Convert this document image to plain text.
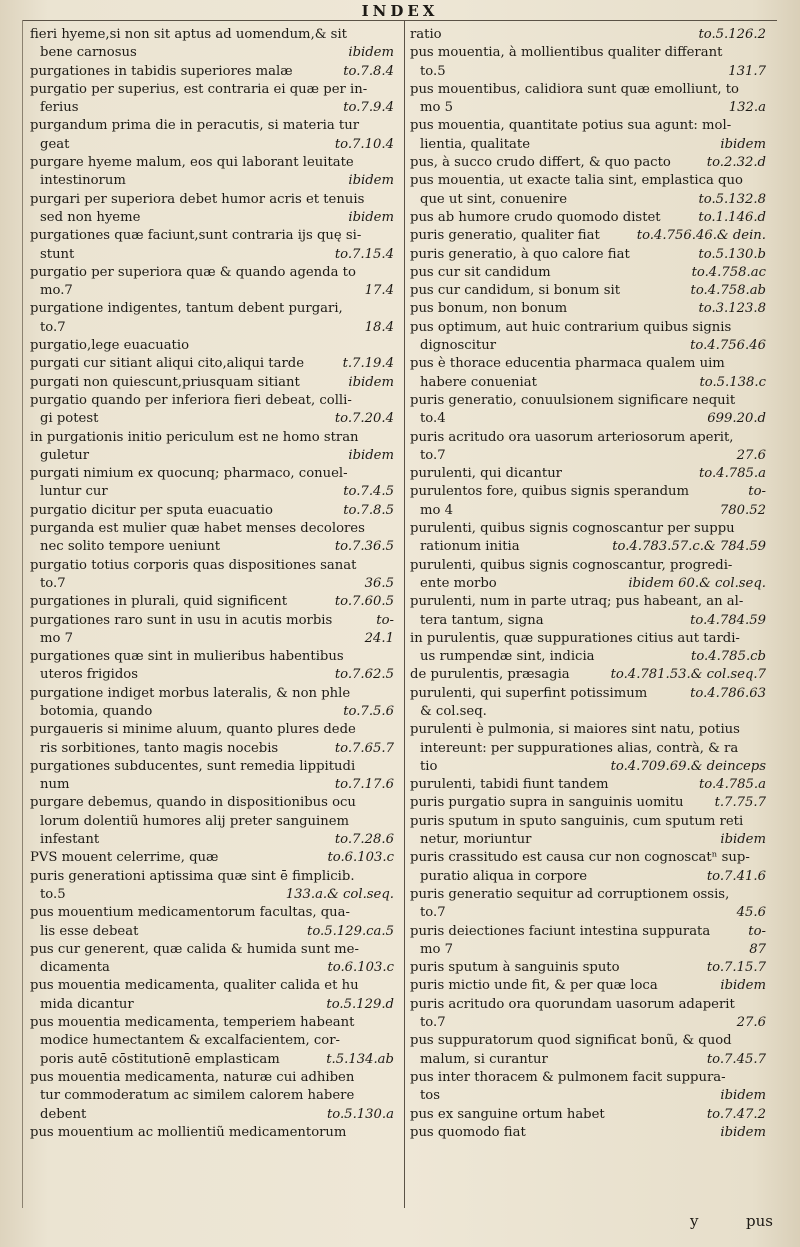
INDEX
fieri hyeme,si non sit aptus ad uomendum,& sit
bene carnosus	ibidem
purgationes in tabidis superiores malæ	to.7.8.4
purgatio per superius, est contraria ei quæ per in-
ferius	to.7.9.4
purgandum prima die in peracutis, si materia tur
geat	to.7.10.4
purgare hyeme malum, eos qui laborant leuitate
intestinorum	ibidem
purgari per superiora debet humor acris et tenuis
sed non hyeme	ibidem
purgationes quæ faciunt,sunt contraria ijs quę si-
stunt	to.7.15.4
purgatio per superiora quæ & quando agenda to
mo.7	17.4
purgatione indigentes, tantum debent purgari,
to.7	18.4
purgatio,lege euacuatio
purgati cur sitiant aliqui cito,aliqui tarde	t.7.19.4
purgati non quiescunt,priusquam sitiant	ibidem
purgatio quando per inferiora fieri debeat, colli-
gi potest	to.7.20.4
in purgationis initio periculum est ne homo stran
guletur	ibidem
purgati nimium ex quocunq; pharmaco, conuel-
luntur cur	to.7.4.5
purgatio dicitur per sputa euacuatio	to.7.8.5
purganda est mulier quæ habet menses decolores
nec solito tempore ueniunt	to.7.36.5
purgatio totius corporis quas dispositiones sanat
to.7	36.5
purgationes in plurali, quid significent	to.7.60.5
purgationes raro sunt in usu in acutis morbis	to-
mo 7	24.1
purgationes quæ sint in mulieribus habentibus
uteros frigidos	to.7.62.5
purgatione indiget morbus lateralis, & non phle
botomia, quando	to.7.5.6
purgaueris si minime aluum, quanto plures dede
ris sorbitiones, tanto magis nocebis	to.7.65.7
purgationes subducentes, sunt remedia lippitudi
num	to.7.17.6
purgare debemus, quando in dispositionibus ocu
lorum dolentiũ humores alij preter sanguinem
infestant	to.7.28.6
PVS mouent celerrime, quæ	to.6.103.c
puris generationi aptissima quæ sint ē fimplicib.
to.5	133.a.& col.seq.
pus mouentium medicamentorum facultas, qua-
lis esse debeat	to.5.129.ca.5
pus cur generent, quæ calida & humida sunt me-
dicamenta	to.6.103.c
pus mouentia medicamenta, qualiter calida et hu
mida dicantur	to.5.129.d
pus mouentia medicamenta, temperiem habeant
modice humectantem & excalfacientem, cor-
poris autē cōstitutionē emplasticam	t.5.134.ab
pus mouentia medicamenta, naturæ cui adhiben
tur commoderatum ac similem calorem habere
debent	to.5.130.a
pus mouentium ac mollientiũ medicamentorum
ratio	to.5.126.2
pus mouentia, à mollientibus qualiter differant
to.5	131.7
pus mouentibus, calidiora sunt quæ emolliunt, to
mo 5	132.a
pus mouentia, quantitate potius sua agunt: mol-
lientia, qualitate	ibidem
pus, à succo crudo differt, & quo pacto	to.2.32.d
pus mouentia, ut exacte talia sint, emplastica quo
que ut sint, conuenire	to.5.132.8
pus ab humore crudo quomodo distet	to.1.146.d
puris generatio, qualiter fiat	to.4.756.46.& dein.
puris generatio, à quo calore fiat	to.5.130.b
pus cur sit candidum	to.4.758.ac
pus cur candidum, si bonum sit	to.4.758.ab
pus bonum, non bonum	to.3.123.8
pus optimum, aut huic contrarium quibus signis
dignoscitur	to.4.756.46
pus è thorace educentia pharmaca qualem uim
habere conueniat	to.5.138.c
puris generatio, conuulsionem significare nequit
to.4	699.20.d
puris acritudo ora uasorum arteriosorum aperit,
to.7	27.6
purulenti, qui dicantur	to.4.785.a
purulentos fore, quibus signis sperandum	to-
mo 4	780.52
purulenti, quibus signis cognoscantur per suppu
rationum initia	to.4.783.57.c.& 784.59
purulenti, quibus signis cognoscantur, progredi-
ente morbo	ibidem 60.& col.seq.
purulenti, num in parte utraq; pus habeant, an al-
tera tantum, signa	to.4.784.59
in purulentis, quæ suppurationes citius aut tardi-
us rumpendæ sint, indicia	to.4.785.cb
de purulentis, præsagia	to.4.781.53.& col.seq.7
purulenti, qui superfint potissimum	to.4.786.63
& col.seq.
purulenti è pulmonia, si maiores sint natu, potius
intereunt: per suppurationes alias, contrà, & ra
tio	to.4.709.69.& deinceps
purulenti, tabidi fiunt tandem	to.4.785.a
puris purgatio supra in sanguinis uomitu	t.7.75.7
puris sputum in sputo sanguinis, cum sputum reti
netur, moriuntur	ibidem
puris crassitudo est causa cur non cognoscatⁿ sup-
puratio aliqua in corpore	to.7.41.6
puris generatio sequitur ad corruptionem ossis,
to.7	45.6
puris deiectiones faciunt intestina suppurata	to-
mo 7	87
puris sputum à sanguinis sputo	to.7.15.7
puris mictio unde fit, & per quæ loca	ibidem
puris acritudo ora quorundam uasorum adaperit
to.7	27.6
pus suppuratorum quod significat bonũ, & quod
malum, si curantur	to.7.45.7
pus inter thoracem & pulmonem facit suppura-
tos	ibidem
pus ex sanguine ortum habet	to.7.47.2
pus quomodo fiat	ibidem
y	pus
